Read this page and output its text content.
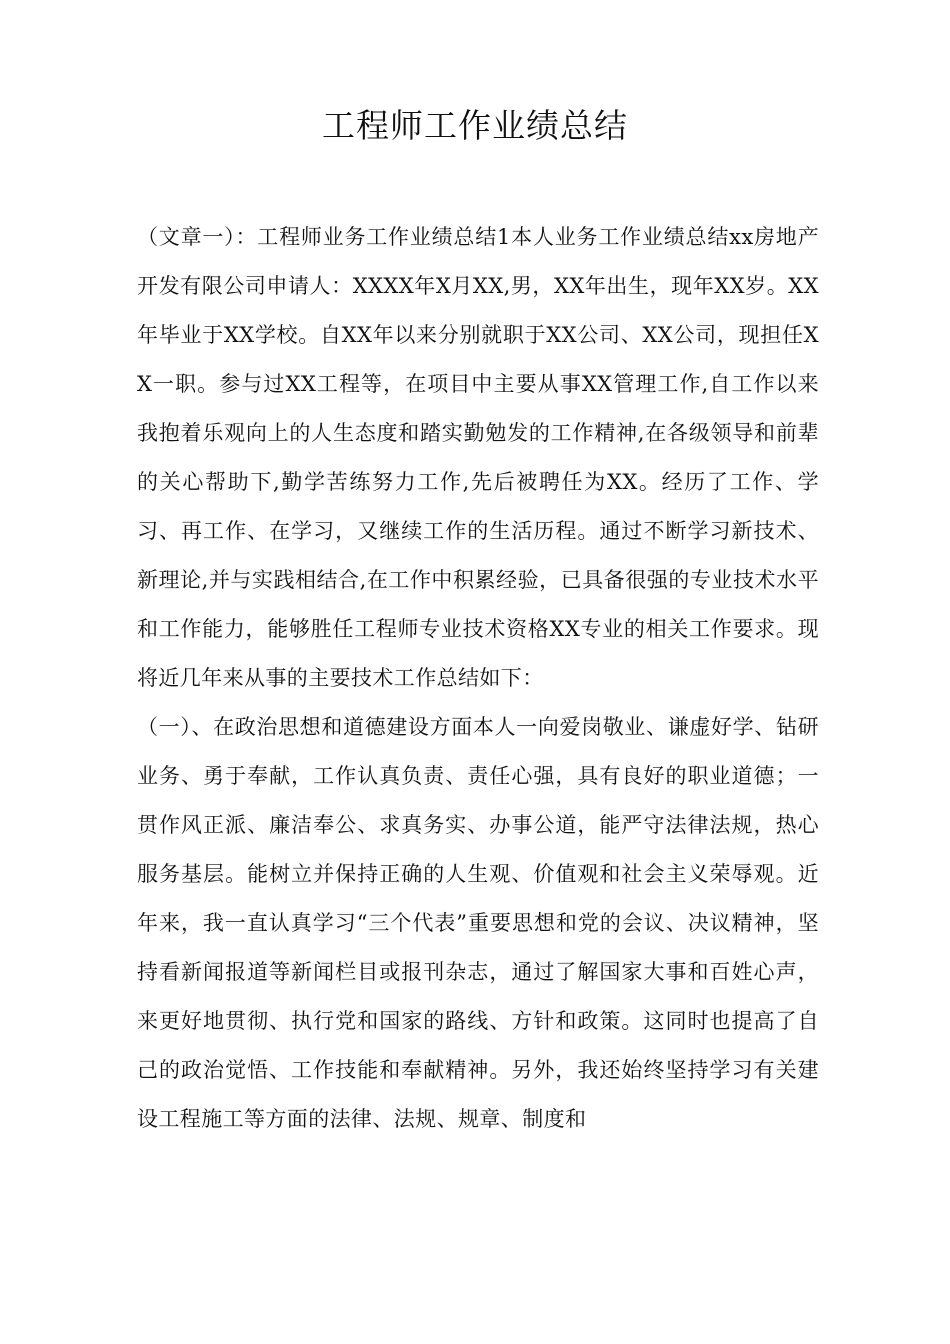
工程师工作业绩总结

（文章一）：工程师业务工作业绩总结1本人业务工作业绩总结xx房地产开发有限公司申请人：XXXX年X月XX,男，XX年出生，现年XX岁。XX年毕业于XX学校。自XX年以来分别就职于XX公司、XX公司，现担任XX一职。参与过XX工程等，在项目中主要从事XX管理工作,自工作以来我抱着乐观向上的人生态度和踏实勤勉发的工作精神,在各级领导和前辈的关心帮助下,勤学苦练努力工作,先后被聘任为XX。经历了工作、学习、再工作、在学习，又继续工作的生活历程。通过不断学习新技术、新理论,并与实践相结合,在工作中积累经验，已具备很强的专业技术水平和工作能力，能够胜任工程师专业技术资格XX专业的相关工作要求。现将近几年来从事的主要技术工作总结如下：

（一）、在政治思想和道德建设方面本人一向爱岗敬业、谦虚好学、钻研业务、勇于奉献，工作认真负责、责任心强，具有良好的职业道德；一贯作风正派、廉洁奉公、求真务实、办事公道，能严守法律法规，热心服务基层。能树立并保持正确的人生观、价值观和社会主义荣辱观。近年来，我一直认真学习“三个代表”重要思想和党的会议、决议精神，坚持看新闻报道等新闻栏目或报刊杂志，通过了解国家大事和百姓心声，来更好地贯彻、执行党和国家的路线、方针和政策。这同时也提高了自己的政治觉悟、工作技能和奉献精神。另外，我还始终坚持学习有关建设工程施工等方面的法律、法规、规章、制度和
